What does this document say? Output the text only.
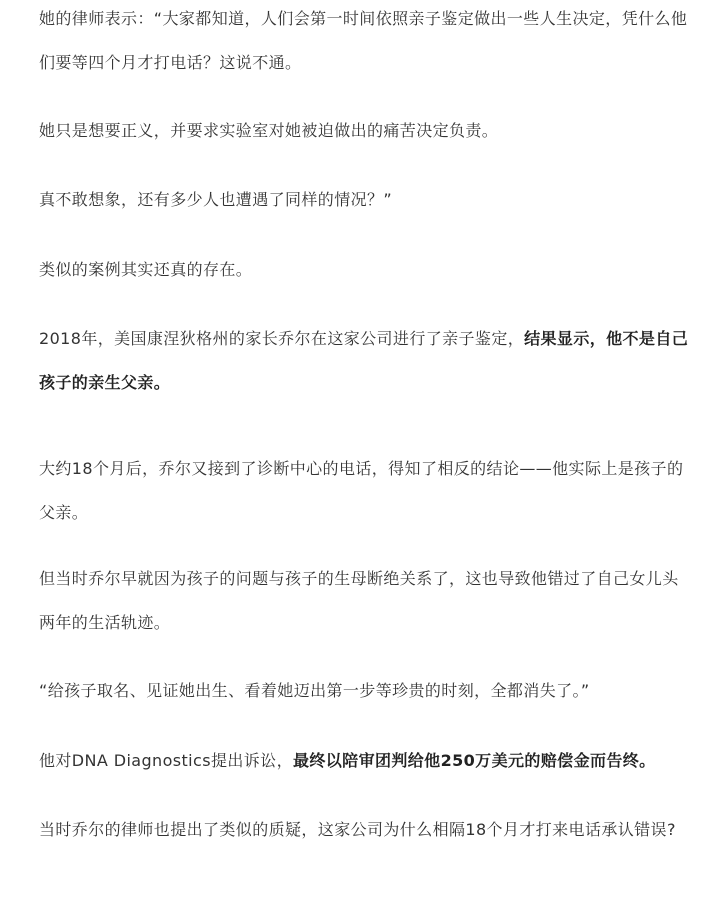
她的律师表示：“大家都知道，人们会第一时间依照亲子鉴定做出一些人生决定，凭什么他们要等四个月才打电话？这说不通。

她只是想要正义，并要求实验室对她被迫做出的痛苦决定负责。

真不敢想象，还有多少人也遭遇了同样的情况？”

类似的案例其实还真的存在。

2018年，美国康涅狄格州的家长乔尔在这家公司进行了亲子鉴定，结果显示，他不是自己孩子的亲生父亲。

大约18个月后，乔尔又接到了诊断中心的电话，得知了相反的结论——他实际上是孩子的父亲。

但当时乔尔早就因为孩子的问题与孩子的生母断绝关系了，这也导致他错过了自己女儿头两年的生活轨迹。

“给孩子取名、见证她出生、看着她迈出第一步等珍贵的时刻，全都消失了。”

他对DNA Diagnostics提出诉讼，最终以陪审团判给他250万美元的赔偿金而告终。

当时乔尔的律师也提出了类似的质疑，这家公司为什么相隔18个月才打来电话承认错误?
